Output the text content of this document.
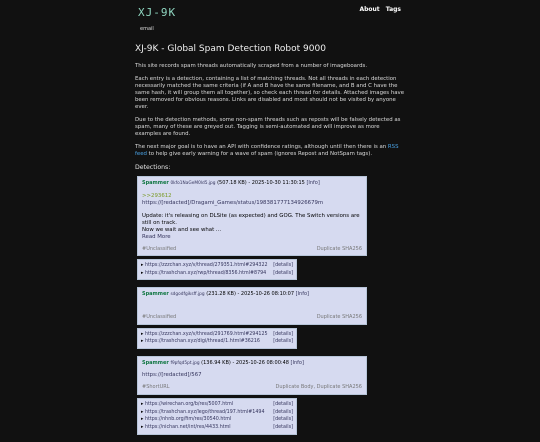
XJ-9K
email
About Tags
XJ-9K - Global Spam Detection Robot 9000

This site records spam threads automatically scraped from a number of imageboards.

Each entry is a detection, containing a list of matching threads. Not all threads in each detection necessarily matched the same criteria (if A and B have the same filename, and B and C have the same hash, it will group them all together), so check each thread for details. Attached images have been removed for obvious reasons. Links are disabled and most should not be visited by anyone ever.

Due to the detection methods, some non-spam threads such as reposts will be falsely detected as spam, many of these are greyed out. Tagging is semi-automated and will improve as more examples are found.

The next major goal is to have an API with confidence ratings, although until then there is an RSS feed to help give early warning for a wave of spam (ignores Repost and NotSpam tags).

Detections:
Spammer 0kfo1NaGeM0ld5.jpg (507.18 KB) - 2025-10-30 11:30:15 [Info]
>>293612
https://[redacted]/Dragami_Games/status/198381777134926679m
Update: it's releasing on DLSite (as expected) and GOG. The Switch versions are still on track.
Now we wait and see what ...
Read More
#Unclassified	Duplicate SHA256
▸ https://zzzchan.xyz/v/thread/279351.html#294322 [details]
▸ https://trashchan.xyz/rwp/thread/8356.html#8794 [details]
Spammer sdgodfgiksff.jpg (231.28 KB) - 2025-10-26 08:10:07 [Info]
#Unclassified	Duplicate SHA256
▸ https://zzzchan.xyz/v/thread/291769.html#294125 [details]
▸ https://trashchan.xyz/digi/thread/1.html#36216	[details]
Spammer f9pfqd5pt.jpg (136.94 KB) - 2025-10-26 08:00:48 [Info]
https://[redacted]/567
#ShortURL	Duplicate Body, Duplicate SHA256
▸ https://wirechan.org/b/res/5007.html	[details]
▸ https://trashchan.xyz/lego/thread/197.html#1494 [details]
▸ https://nhnb.org/fim/res/30540.html	[details]
▸ https://nichan.net/int/res/4433.html	[details]
